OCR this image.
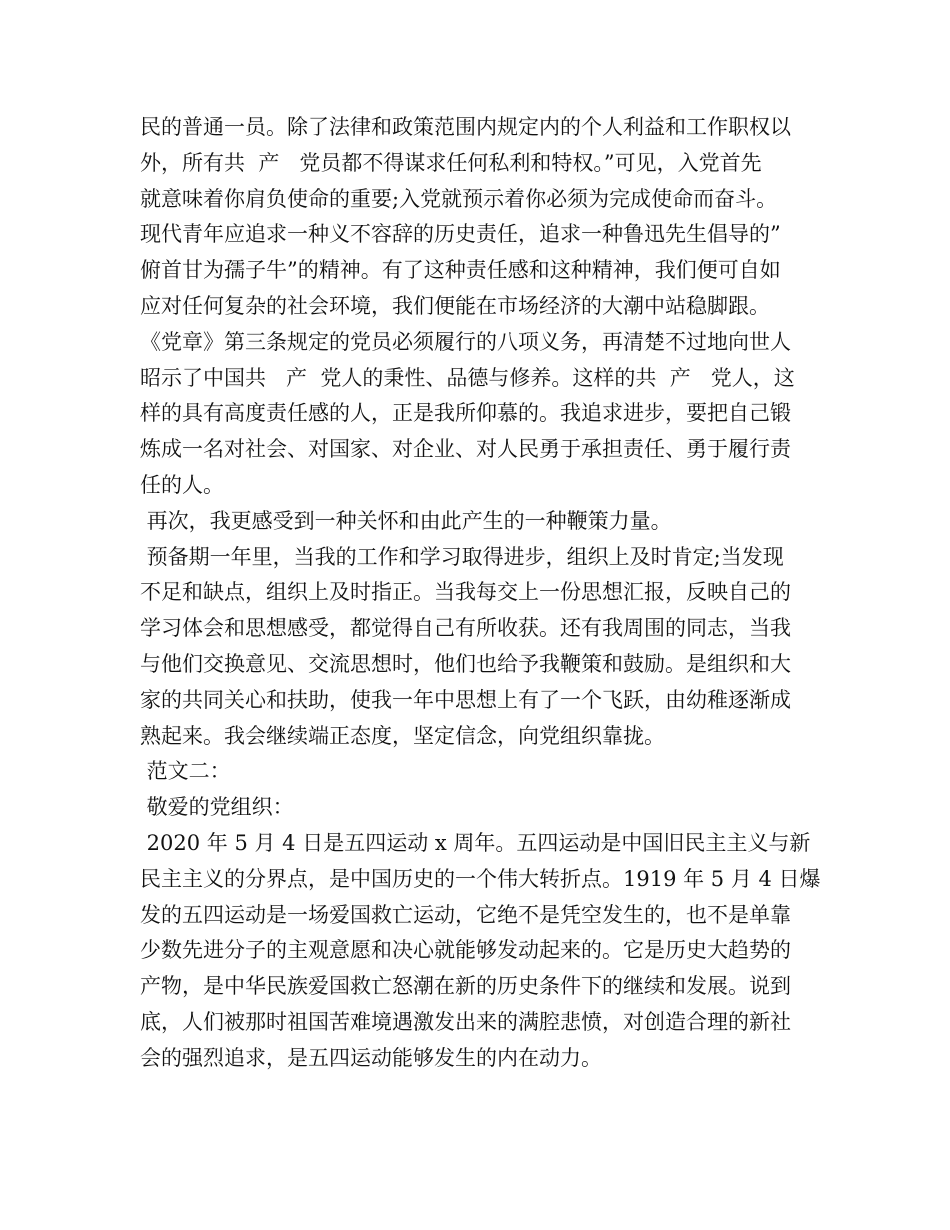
民的普通一员。除了法律和政策范围内规定内的个人利益和工作职权以
外，所有共  产   党员都不得谋求任何私利和特权。”可见，入党首先
就意味着你肩负使命的重要;入党就预示着你必须为完成使命而奋斗。
现代青年应追求一种义不容辞的历史责任，追求一种鲁迅先生倡导的”
俯首甘为孺子牛”的精神。有了这种责任感和这种精神，我们便可自如
应对任何复杂的社会环境，我们便能在市场经济的大潮中站稳脚跟。
《党章》第三条规定的党员必须履行的八项义务，再清楚不过地向世人
昭示了中国共   产  党人的秉性、品德与修养。这样的共  产   党人，这
样的具有高度责任感的人，正是我所仰慕的。我追求进步，要把自己锻
炼成一名对社会、对国家、对企业、对人民勇于承担责任、勇于履行责
任的人。
再次，我更感受到一种关怀和由此产生的一种鞭策力量。
预备期一年里，当我的工作和学习取得进步，组织上及时肯定;当发现
不足和缺点，组织上及时指正。当我每交上一份思想汇报，反映自己的
学习体会和思想感受，都觉得自己有所收获。还有我周围的同志，当我
与他们交换意见、交流思想时，他们也给予我鞭策和鼓励。是组织和大
家的共同关心和扶助，使我一年中思想上有了一个飞跃，由幼稚逐渐成
熟起来。我会继续端正态度，坚定信念，向党组织靠拢。
范文二：
敬爱的党组织：
2020 年 5 月 4 日是五四运动 x 周年。五四运动是中国旧民主主义与新
民主主义的分界点，是中国历史的一个伟大转折点。1919 年 5 月 4 日爆
发的五四运动是一场爱国救亡运动，它绝不是凭空发生的，也不是单靠
少数先进分子的主观意愿和决心就能够发动起来的。它是历史大趋势的
产物，是中华民族爱国救亡怒潮在新的历史条件下的继续和发展。说到
底，人们被那时祖国苦难境遇激发出来的满腔悲愤，对创造合理的新社
会的强烈追求，是五四运动能够发生的内在动力。
